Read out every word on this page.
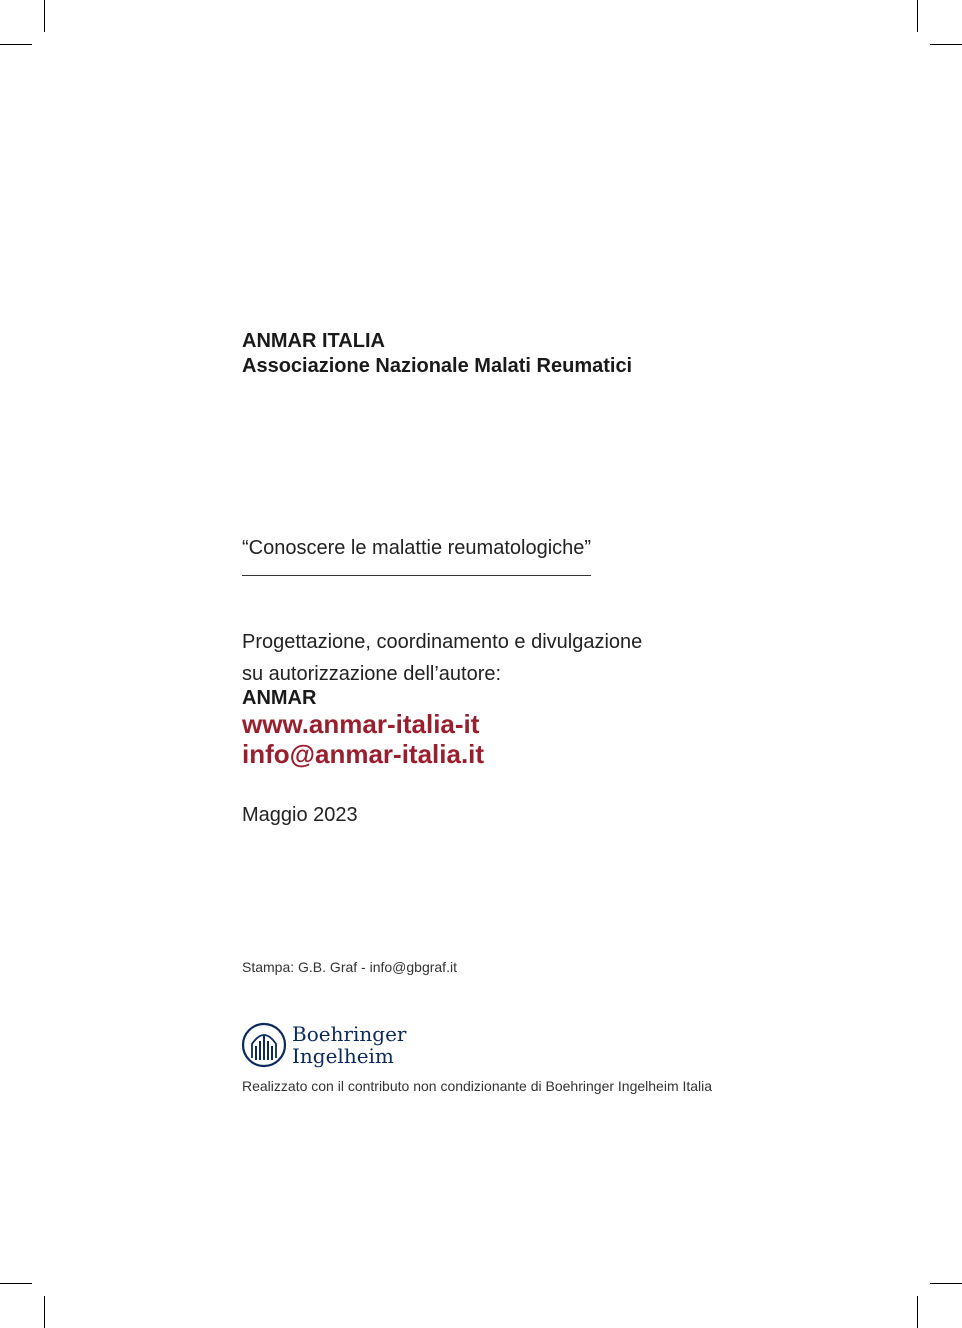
ANMAR ITALIA
Associazione Nazionale Malati Reumatici
“Conoscere le malattie reumatologiche”
Progettazione, coordinamento e divulgazione
su autorizzazione dell’autore:
ANMAR
www.anmar-italia-it
info@anmar-italia.it
Maggio 2023
Stampa: G.B. Graf - info@gbgraf.it
Boehringer
Ingelheim
Realizzato con il contributo non condizionante di Boehringer Ingelheim Italia
